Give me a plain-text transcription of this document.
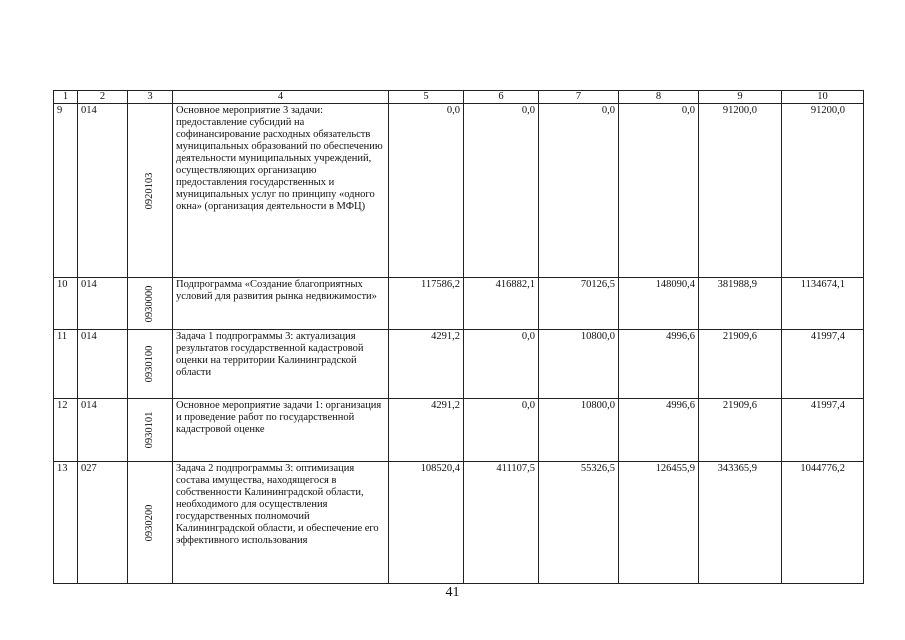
1	2	3	4	5	6	7	8	9	10
9	014	0920103	Основное мероприятие 3 задачи: предоставление субсидий на софинансирование расходных обязательств муниципальных образований по обеспечению деятельности муниципальных учреждений, осуществляющих организацию предоставления государственных и муниципальных услуг по принципу «одного окна» (организация деятельности в МФЦ)	0,0	0,0	0,0	0,0	91200,0	91200,0
10	014	0930000	Подпрограмма «Создание благоприятных условий для развития рынка недвижимости»	117586,2	416882,1	70126,5	148090,4	381988,9	1134674,1
11	014	0930100	Задача 1 подпрограммы 3: актуализация результатов государственной кадастровой оценки на территории Калининградской области	4291,2	0,0	10800,0	4996,6	21909,6	41997,4
12	014	0930101	Основное мероприятие задачи 1: организация и проведение работ по государственной кадастровой оценке	4291,2	0,0	10800,0	4996,6	21909,6	41997,4
13	027	0930200	Задача 2 подпрограммы 3: оптимизация состава имущества, находящегося в собственности Калининградской области, необходимого для осуществления государственных полномочий Калининградской области, и обеспечение его эффективного использования	108520,4	411107,5	55326,5	126455,9	343365,9	1044776,2
41
